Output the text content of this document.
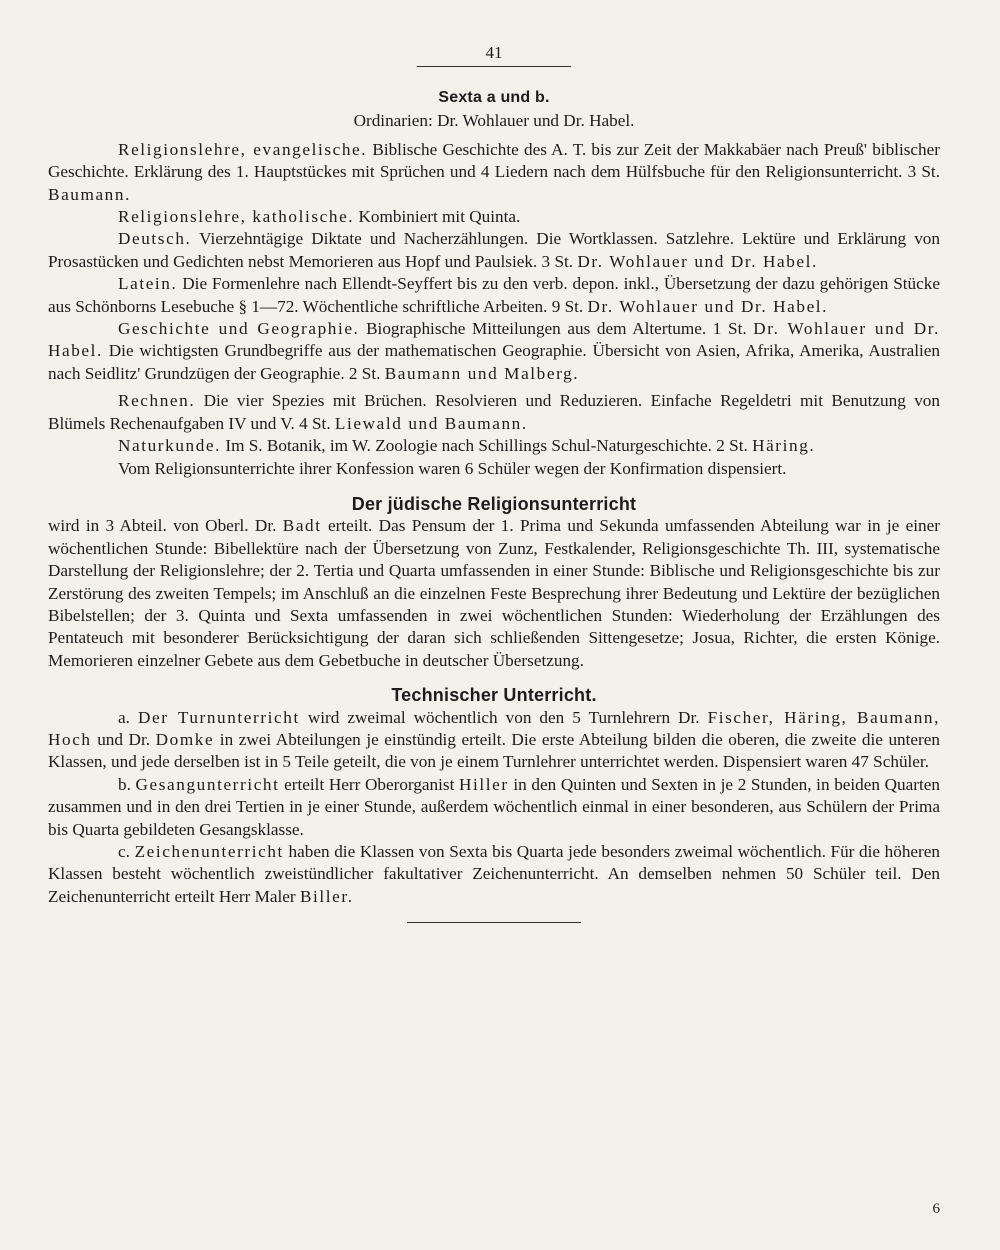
41
Sexta a und b.

Ordinarien: Dr. Wohlauer und Dr. Habel.

Religionslehre, evangelische. Biblische Geschichte des A. T. bis zur Zeit der Makkabäer nach Preuß' biblischer Geschichte. Erklärung des 1. Hauptstückes mit Sprüchen und 4 Liedern nach dem Hülfsbuche für den Religionsunterricht. 3 St. Baumann.

Religionslehre, katholische. Kombiniert mit Quinta.

Deutsch. Vierzehntägige Diktate und Nacherzählungen. Die Wortklassen. Satzlehre. Lektüre und Erklärung von Prosastücken und Gedichten nebst Memorieren aus Hopf und Paulsiek. 3 St. Dr. Wohlauer und Dr. Habel.

Latein. Die Formenlehre nach Ellendt-Seyffert bis zu den verb. depon. inkl., Übersetzung der dazu gehörigen Stücke aus Schönborns Lesebuche § 1—72. Wöchentliche schriftliche Arbeiten. 9 St. Dr. Wohlauer und Dr. Habel.

Geschichte und Geographie. Biographische Mitteilungen aus dem Altertume. 1 St. Dr. Wohlauer und Dr. Habel. Die wichtigsten Grundbegriffe aus der mathematischen Geographie. Übersicht von Asien, Afrika, Amerika, Australien nach Seidlitz' Grundzügen der Geographie. 2 St. Baumann und Malberg.

Rechnen. Die vier Spezies mit Brüchen. Resolvieren und Reduzieren. Einfache Regeldetri mit Benutzung von Blümels Rechenaufgaben IV und V. 4 St. Liewald und Baumann.

Naturkunde. Im S. Botanik, im W. Zoologie nach Schillings Schul-Naturgeschichte. 2 St. Häring.

Vom Religionsunterrichte ihrer Konfession waren 6 Schüler wegen der Konfirmation dispensiert.

Der jüdische Religionsunterricht

wird in 3 Abteil. von Oberl. Dr. Badt erteilt. Das Pensum der 1. Prima und Sekunda umfassenden Abteilung war in je einer wöchentlichen Stunde: Bibellektüre nach der Übersetzung von Zunz, Festkalender, Religionsgeschichte Th. III, systematische Darstellung der Religionslehre; der 2. Tertia und Quarta umfassenden in einer Stunde: Biblische und Religionsgeschichte bis zur Zerstörung des zweiten Tempels; im Anschluß an die einzelnen Feste Besprechung ihrer Bedeutung und Lektüre der bezüglichen Bibelstellen; der 3. Quinta und Sexta umfassenden in zwei wöchentlichen Stunden: Wiederholung der Erzählungen des Pentateuch mit besonderer Berücksichtigung der daran sich schließenden Sittengesetze; Josua, Richter, die ersten Könige. Memorieren einzelner Gebete aus dem Gebetbuche in deutscher Übersetzung.

Technischer Unterricht.

a. Der Turnunterricht wird zweimal wöchentlich von den 5 Turnlehrern Dr. Fischer, Häring, Baumann, Hoch und Dr. Domke in zwei Abteilungen je einstündig erteilt. Die erste Abteilung bilden die oberen, die zweite die unteren Klassen, und jede derselben ist in 5 Teile geteilt, die von je einem Turnlehrer unterrichtet werden. Dispensiert waren 47 Schüler.

b. Gesangunterricht erteilt Herr Oberorganist Hiller in den Quinten und Sexten in je 2 Stunden, in beiden Quarten zusammen und in den drei Tertien in je einer Stunde, außerdem wöchentlich einmal in einer besonderen, aus Schülern der Prima bis Quarta gebildeten Gesangsklasse.

c. Zeichenunterricht haben die Klassen von Sexta bis Quarta jede besonders zweimal wöchentlich. Für die höheren Klassen besteht wöchentlich zweistündlicher fakultativer Zeichenunterricht. An demselben nehmen 50 Schüler teil. Den Zeichenunterricht erteilt Herr Maler Biller.

6
